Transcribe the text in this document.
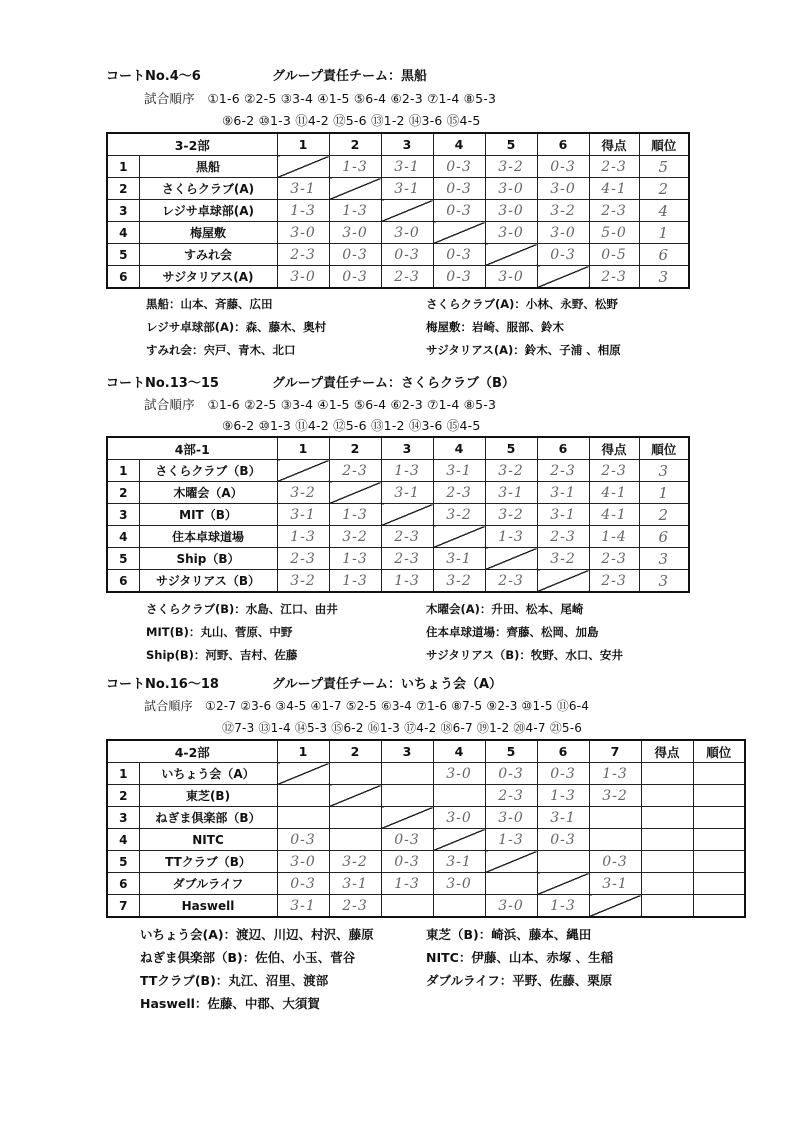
コートNo.4～6	グループ責任チーム：黒船
試合順序　①1-6 ②2-5 ③3-4 ④1-5 ⑤6-4 ⑥2-3 ⑦1-4 ⑧5-3
⑨6-2 ⑩1-3 ⑪4-2 ⑫5-6 ⑬1-2 ⑭3-6 ⑮4-5
3-2部		1	2	3	4	5	6	得点	順位
1	黒船		1-3	3-1	0-3	3-2	0-3	2-3	5
2	さくらクラブ(A)	3-1		3-1	0-3	3-0	3-0	4-1	2
3	レジサ卓球部(A)	1-3	1-3		0-3	3-0	3-2	2-3	4
4	梅屋敷	3-0	3-0	3-0		3-0	3-0	5-0	1
5	すみれ会	2-3	0-3	0-3	0-3		0-3	0-5	6
6	サジタリアス(A)	3-0	0-3	2-3	0-3	3-0		2-3	3
黒船：山本、斉藤、広田	さくらクラブ(A)：小林、永野、松野
レジサ卓球部(A)：森、藤木、奥村	梅屋敷：岩崎、服部、鈴木
すみれ会：宍戸、青木、北口	サジタリアス(A)：鈴木、子浦 、相原
コートNo.13～15	グループ責任チーム：さくらクラブ（B）
試合順序　①1-6 ②2-5 ③3-4 ④1-5 ⑤6-4 ⑥2-3 ⑦1-4 ⑧5-3
⑨6-2 ⑩1-3 ⑪4-2 ⑫5-6 ⑬1-2 ⑭3-6 ⑮4-5
4部-1		1	2	3	4	5	6	得点	順位
1	さくらクラブ（B）		2-3	1-3	3-1	3-2	2-3	2-3	3
2	木曜会（A）	3-2		3-1	2-3	3-1	3-1	4-1	1
3	MIT（B）	3-1	1-3		3-2	3-2	3-1	4-1	2
4	住本卓球道場	1-3	3-2	2-3		1-3	2-3	1-4	6
5	Ship（B）	2-3	1-3	2-3	3-1		3-2	2-3	3
6	サジタリアス（B）	3-2	1-3	1-3	3-2	2-3		2-3	3
さくらクラブ(B)：水島、江口、由井	木曜会(A)：升田、松本、尾崎
MIT(B)：丸山、菅原、中野	住本卓球道場：齊藤、松岡、加島
Ship(B)：河野、吉村、佐藤	サジタリアス（B)：牧野、水口、安井
コートNo.16～18	グループ責任チーム：いちょう会（A）
試合順序　①2-7 ②3-6 ③4-5 ④1-7 ⑤2-5 ⑥3-4 ⑦1-6 ⑧7-5 ⑨2-3 ⑩1-5 ⑪6-4
⑫7-3 ⑬1-4 ⑭5-3 ⑮6-2 ⑯1-3 ⑰4-2 ⑱6-7 ⑲1-2 ⑳4-7 ㉑5-6
4-2部		1	2	3	4	5	6	7	得点	順位
1	いちょう会（A）				3-0	0-3	0-3	1-3		
2	東芝(B)					2-3	1-3	3-2		
3	ねぎま倶楽部（B）				3-0	3-0	3-1			
4	NITC	0-3		0-3		1-3	0-3			
5	TTクラブ（B）	3-0	3-2	0-3	3-1			0-3		
6	ダブルライフ	0-3	3-1	1-3	3-0			3-1		
7	Haswell	3-1	2-3			3-0	1-3			
いちょう会(A)：渡辺、川辺、村沢、藤原	東芝（B)：崎浜、藤本、縄田
ねぎま倶楽部（B)：佐伯、小玉、菅谷	NITC：伊藤、山本、赤塚 、生稲
TTクラブ(B)：丸江、沼里、渡部	ダブルライフ：平野、佐藤、栗原
Haswell：佐藤、中郡、大須賀
